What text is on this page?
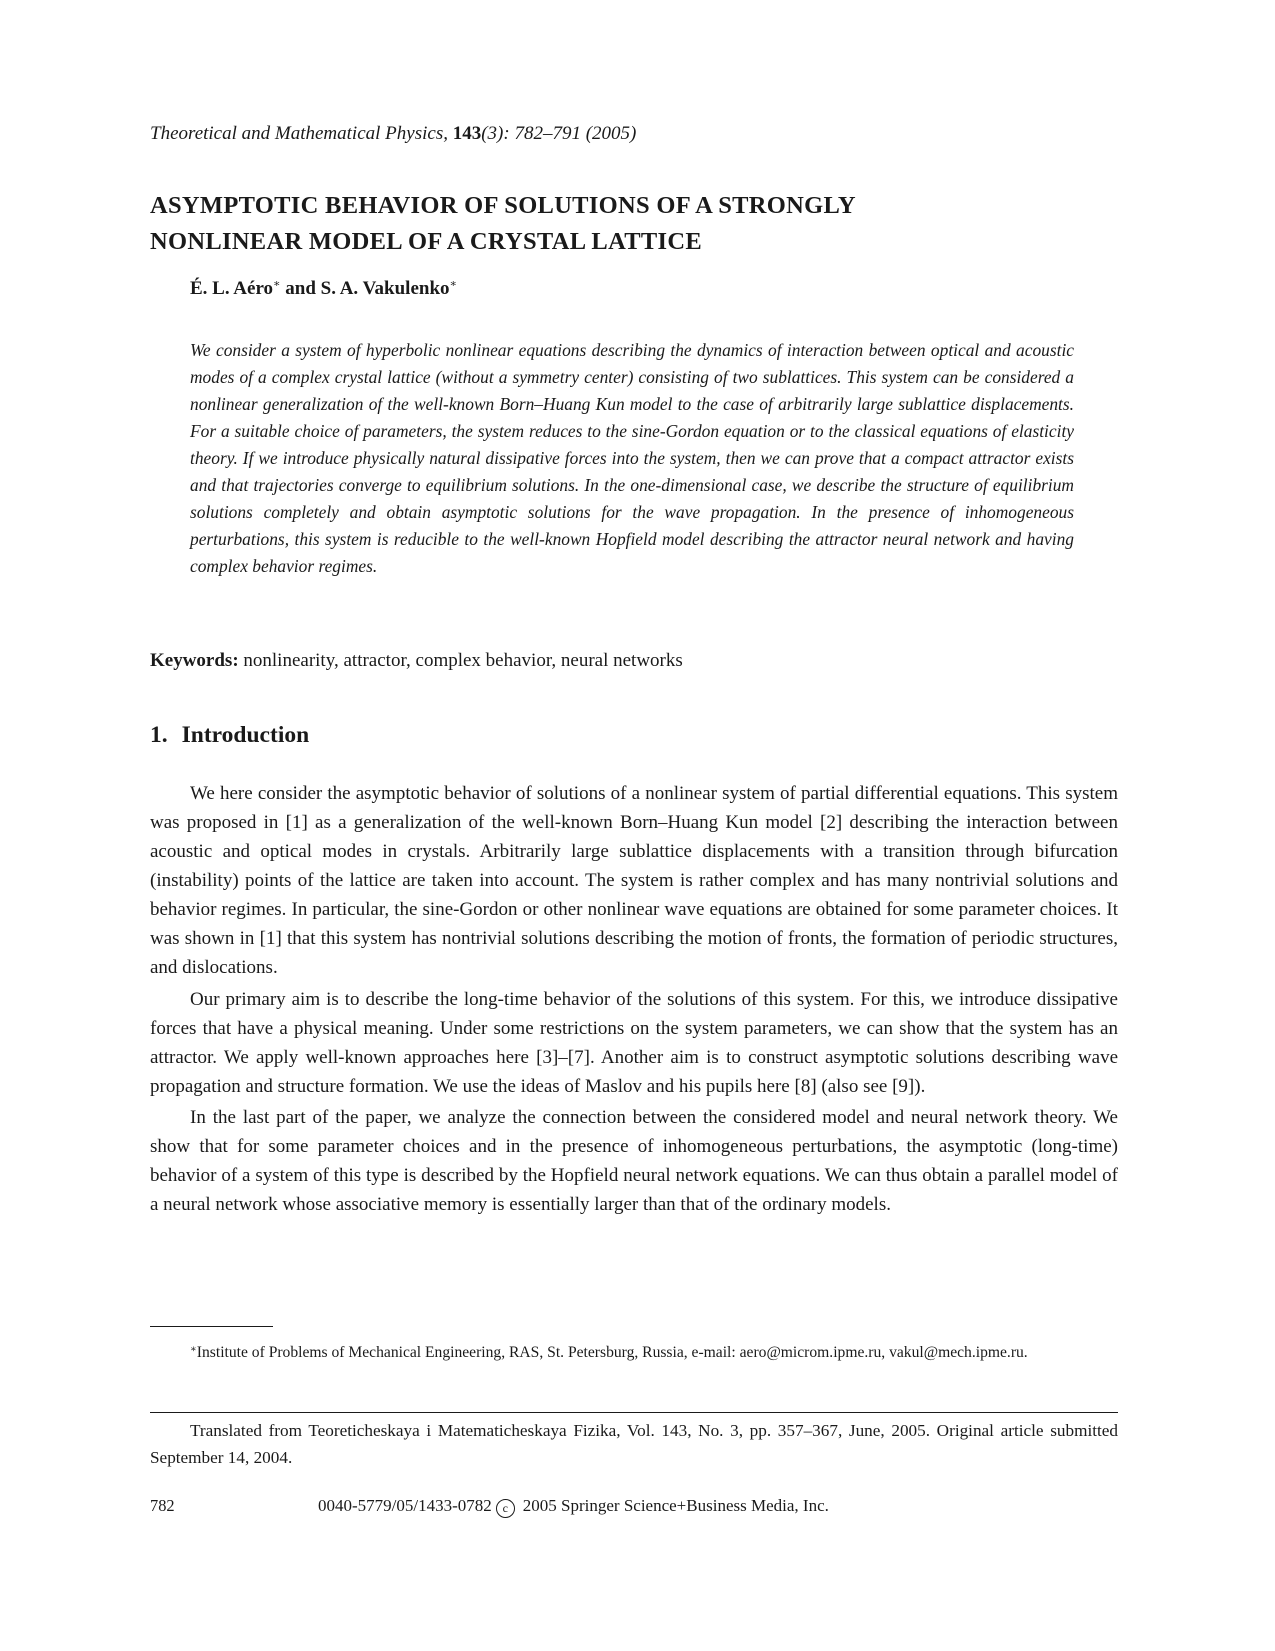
Theoretical and Mathematical Physics, 143(3): 782–791 (2005)
ASYMPTOTIC BEHAVIOR OF SOLUTIONS OF A STRONGLY
NONLINEAR MODEL OF A CRYSTAL LATTICE
É. L. Aéro∗ and S. A. Vakulenko∗
We consider a system of hyperbolic nonlinear equations describing the dynamics of interaction between optical and acoustic modes of a complex crystal lattice (without a symmetry center) consisting of two sublattices. This system can be considered a nonlinear generalization of the well-known Born–Huang Kun model to the case of arbitrarily large sublattice displacements. For a suitable choice of parameters, the system reduces to the sine-Gordon equation or to the classical equations of elasticity theory. If we introduce physically natural dissipative forces into the system, then we can prove that a compact attractor exists and that trajectories converge to equilibrium solutions. In the one-dimensional case, we describe the structure of equilibrium solutions completely and obtain asymptotic solutions for the wave propagation. In the presence of inhomogeneous perturbations, this system is reducible to the well-known Hopfield model describing the attractor neural network and having complex behavior regimes.
Keywords: nonlinearity, attractor, complex behavior, neural networks
1. Introduction

We here consider the asymptotic behavior of solutions of a nonlinear system of partial differential equations. This system was proposed in [1] as a generalization of the well-known Born–Huang Kun model [2] describing the interaction between acoustic and optical modes in crystals. Arbitrarily large sublattice displacements with a transition through bifurcation (instability) points of the lattice are taken into account. The system is rather complex and has many nontrivial solutions and behavior regimes. In particular, the sine-Gordon or other nonlinear wave equations are obtained for some parameter choices. It was shown in [1] that this system has nontrivial solutions describing the motion of fronts, the formation of periodic structures, and dislocations.

Our primary aim is to describe the long-time behavior of the solutions of this system. For this, we introduce dissipative forces that have a physical meaning. Under some restrictions on the system parameters, we can show that the system has an attractor. We apply well-known approaches here [3]–[7]. Another aim is to construct asymptotic solutions describing wave propagation and structure formation. We use the ideas of Maslov and his pupils here [8] (also see [9]).

In the last part of the paper, we analyze the connection between the considered model and neural network theory. We show that for some parameter choices and in the presence of inhomogeneous perturbations, the asymptotic (long-time) behavior of a system of this type is described by the Hopfield neural network equations. We can thus obtain a parallel model of a neural network whose associative memory is essentially larger than that of the ordinary models.

∗Institute of Problems of Mechanical Engineering, RAS, St. Petersburg, Russia, e-mail: aero@microm.ipme.ru, vakul@mech.ipme.ru.
Translated from Teoreticheskaya i Matematicheskaya Fizika, Vol. 143, No. 3, pp. 357–367, June, 2005. Original article submitted September 14, 2004.
782	0040-5779/05/1433-0782 c 2005 Springer Science+Business Media, Inc.
